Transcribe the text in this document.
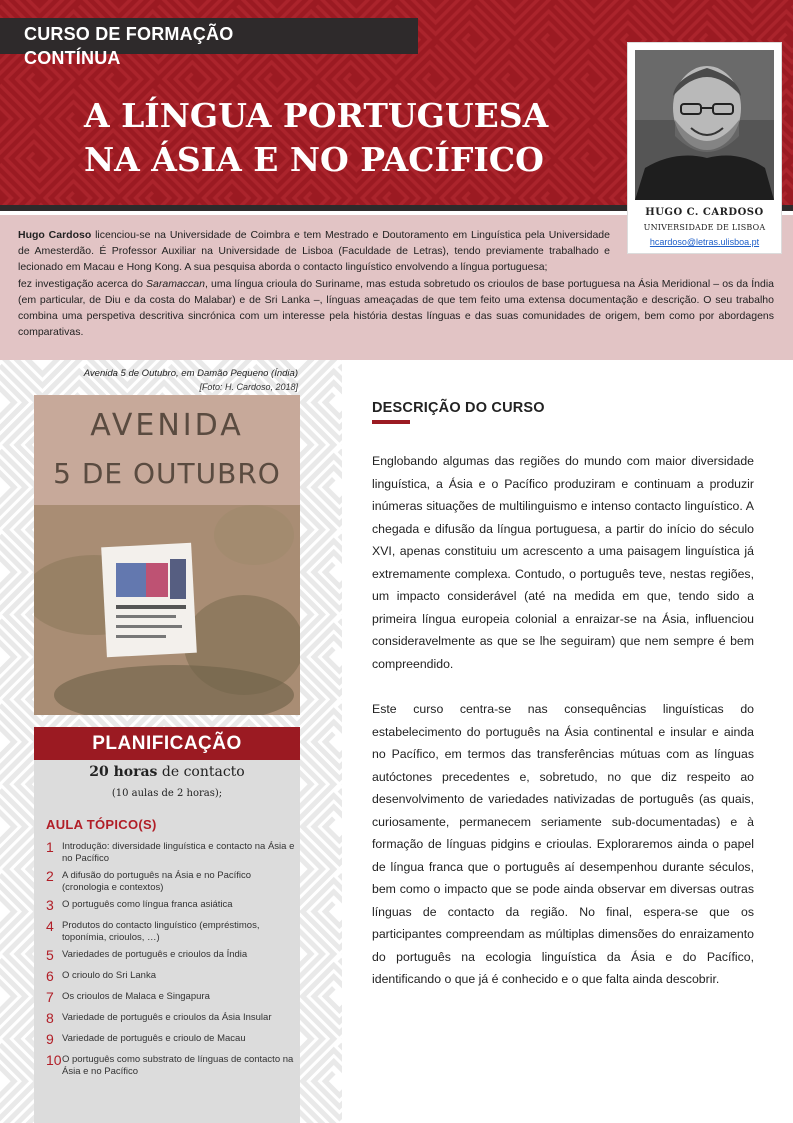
CURSO DE FORMAÇÃO
CONTÍNUA
A LÍNGUA PORTUGUESA
NA ÁSIA E NO PACÍFICO

Hugo Cardoso licenciou-se na Universidade de Coimbra e tem Mestrado e Doutoramento em Linguística pela Universidade de Amesterdão. É Professor Auxiliar na Universidade de Lisboa (Faculdade de Letras), tendo previamente trabalhado e lecionado em Macau e Hong Kong. A sua pesquisa aborda o contacto linguístico envolvendo a língua portuguesa;

fez investigação acerca do Saramaccan, uma língua crioula do Suriname, mas estuda sobretudo os crioulos de base portuguesa na Ásia Meridional – os da Índia (em particular, de Diu e da costa do Malabar) e de Sri Lanka –, línguas ameaçadas de que tem feito uma extensa documentação e descrição. O seu trabalho combina uma perspetiva descritiva sincrónica com um interesse pela história destas línguas e das suas comunidades de origem, bem como por abordagens comparativas.

HUGO C. CARDOSO
UNIVERSIDADE DE LISBOA
hcardoso@letras.ulisboa.pt
Avenida 5 de Outubro, em Damão Pequeno (Índia)
[Foto: H. Cardoso, 2018]
AVENIDA
5 DE OUTUBRO
PLANIFICAÇÃO
20 horas de contacto
(10 aulas de 2 horas);
AULA TÓPICO(S)
1 Introdução: diversidade linguística e contacto na Ásia e no Pacífico
2 A difusão do português na Ásia e no Pacífico (cronologia e contextos)
3 O português como língua franca asiática
4 Produtos do contacto linguístico (empréstimos, toponímia, crioulos, …)
5 Variedades de português e crioulos da Índia
6 O crioulo do Sri Lanka
7 Os crioulos de Malaca e Singapura
8 Variedade de português e crioulos da Ásia Insular
9 Variedade de português e crioulo de Macau
10 O português como substrato de línguas de contacto na Ásia e no Pacífico
DESCRIÇÃO DO CURSO

Englobando algumas das regiões do mundo com maior diversidade linguística, a Ásia e o Pacífico produziram e continuam a produzir inúmeras situações de multilinguismo e intenso contacto linguístico. A chegada e difusão da língua portuguesa, a partir do início do século XVI, apenas constituiu um acrescento a uma paisagem linguística já extremamente complexa. Contudo, o português teve, nestas regiões, um impacto considerável (até na medida em que, tendo sido a primeira língua europeia colonial a enraizar-se na Ásia, influenciou consideravelmente as que se lhe seguiram) que nem sempre é bem compreendido.

Este curso centra-se nas consequências linguísticas do estabelecimento do português na Ásia continental e insular e ainda no Pacífico, em termos das transferências mútuas com as línguas autóctones precedentes e, sobretudo, no que diz respeito ao desenvolvimento de variedades nativizadas de português (as quais, curiosamente, permanecem seriamente sub-documentadas) e à formação de línguas pidgins e crioulas. Exploraremos ainda o papel de língua franca que o português aí desempenhou durante séculos, bem como o impacto que se pode ainda observar em diversas outras línguas de contacto da região. No final, espera-se que os participantes compreendam as múltiplas dimensões do enraizamento do português na ecologia linguística da Ásia e do Pacífico, identificando o que já é conhecido e o que falta ainda descobrir.
